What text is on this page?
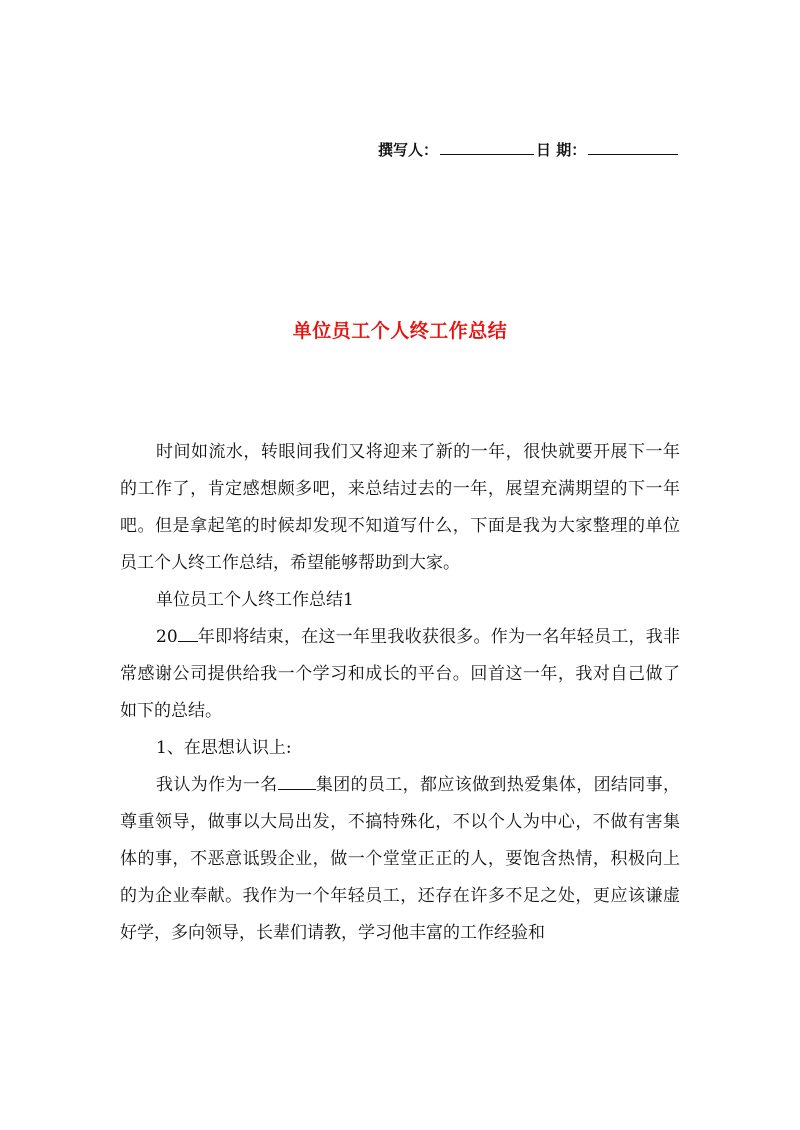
撰写人：	日 期：
单位员工个人终工作总结

时间如流水，转眼间我们又将迎来了新的一年，很快就要开展下一年的工作了，肯定感想颇多吧，来总结过去的一年，展望充满期望的下一年吧。但是拿起笔的时候却发现不知道写什么，下面是我为大家整理的单位员工个人终工作总结，希望能够帮助到大家。

单位员工个人终工作总结1

20 年即将结束，在这一年里我收获很多。作为一名年轻员工，我非常感谢公司提供给我一个学习和成长的平台。回首这一年，我对自己做了如下的总结。

1、在思想认识上:

我认为作为一名 集团的员工，都应该做到热爱集体，团结同事，尊重领导，做事以大局出发，不搞特殊化，不以个人为中心，不做有害集体的事，不恶意诋毁企业，做一个堂堂正正的人，要饱含热情，积极向上的为企业奉献。我作为一个年轻员工，还存在许多不足之处，更应该谦虚好学，多向领导，长辈们请教，学习他丰富的工作经验和
